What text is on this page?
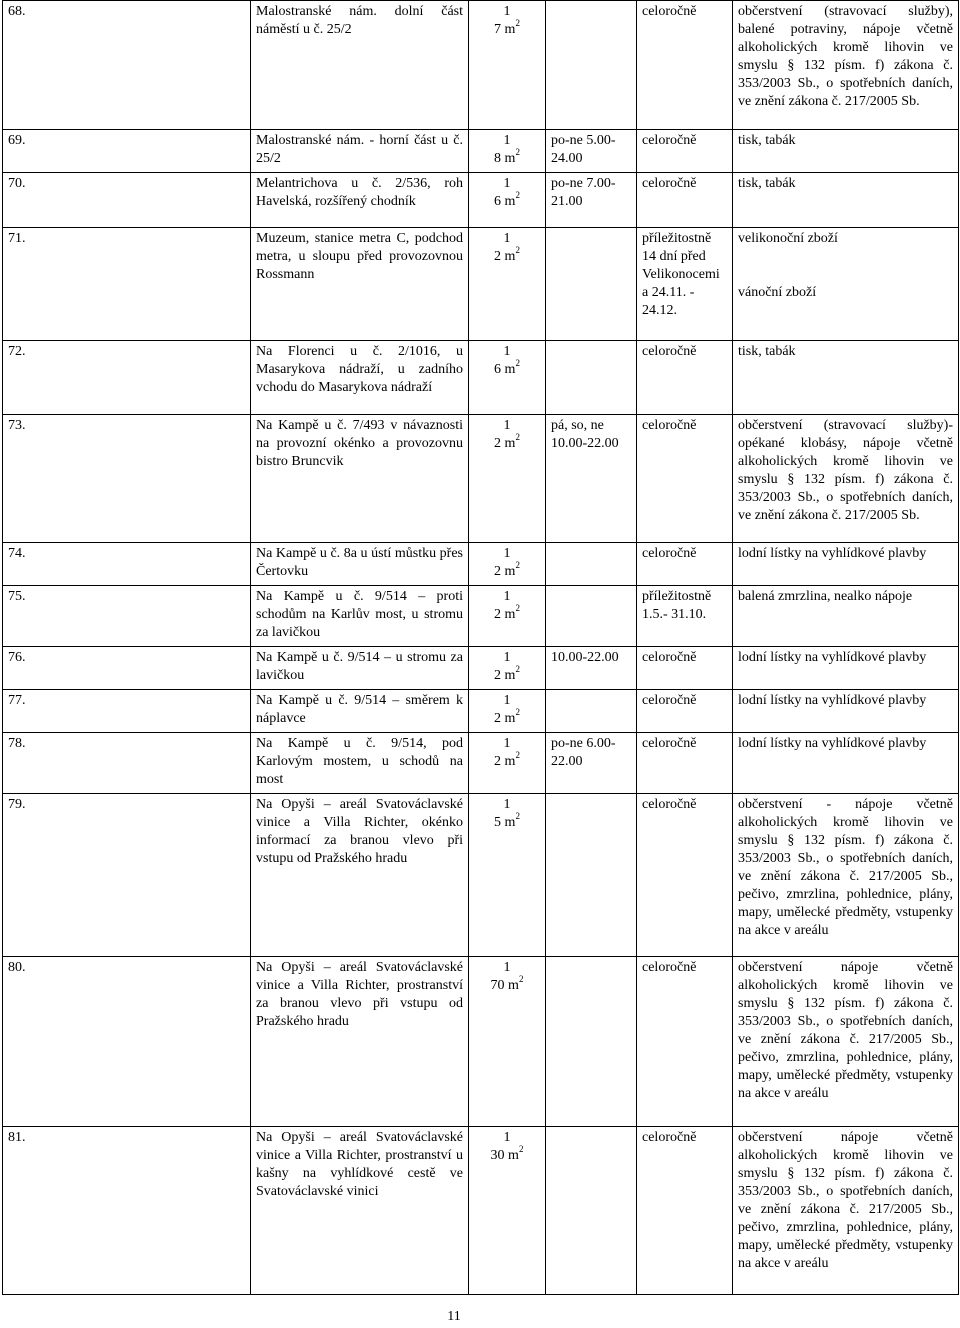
68.	Malostranské nám. dolní část náměstí u č. 25/2	1
7 $m^2$		celoročně	občerstvení (stravovací služby), balené potraviny, nápoje včetně alkoholických kromě lihovin ve smyslu § 132 písm. f) zákona č. 353/2003 Sb., o spotřebních daních, ve znění zákona č. 217/2005 Sb.

69.	Malostranské nám. - horní část u č. 25/2	1
8 $m^2$	po-ne 5.00-24.00	celoročně	tisk, tabák

70.	Melantrichova u č. 2/536, roh Havelská, rozšířený chodník	1
6 $m^2$	po-ne 7.00-21.00	celoročně	tisk, tabák

71.	Muzeum, stanice metra C, podchod metra, u sloupu před provozovnou Rossmann	1
2 $m^2$		příležitostně 14 dní před Velikonocemi
a 24.11. - 24.12.	velikonoční zboží
vánoční zboží

72.	Na Florenci u č. 2/1016, u Masarykova nádraží, u zadního vchodu do Masarykova nádraží	1
6 $m^2$		celoročně	tisk, tabák

73.	Na Kampě u č. 7/493 v návaznosti na provozní okénko a provozovnu bistro Bruncvik	1
2 $m^2$	pá, so, ne 10.00-22.00	celoročně	občerstvení (stravovací služby)- opékané klobásy, nápoje včetně alkoholických kromě lihovin ve smyslu § 132 písm. f) zákona č. 353/2003 Sb., o spotřebních daních, ve znění zákona č. 217/2005 Sb.

74.	Na Kampě u č. 8a u ústí můstku přes Čertovku	1
2 $m^2$		celoročně	lodní lístky na vyhlídkové plavby

75.	Na Kampě u č. 9/514 – proti schodům na Karlův most, u stromu za lavičkou	1
2 $m^2$		příležitostně 1.5.- 31.10.	balená zmrzlina, nealko nápoje

76.	Na Kampě u č. 9/514 – u stromu za lavičkou	1
2 $m^2$	10.00-22.00	celoročně	lodní lístky na vyhlídkové plavby

77.	Na Kampě u č. 9/514 – směrem k náplavce	1
2 $m^2$		celoročně	lodní lístky na vyhlídkové plavby

78.	Na Kampě u č. 9/514, pod Karlovým mostem, u schodů na most	1
2 $m^2$	po-ne 6.00-22.00	celoročně	lodní lístky na vyhlídkové plavby

79.	Na Opyši – areál Svatováclavské vinice a Villa Richter, okénko informací za branou vlevo při vstupu od Pražského hradu	1
5 $m^2$		celoročně	občerstvení - nápoje včetně alkoholických kromě lihovin ve smyslu § 132 písm. f) zákona č. 353/2003 Sb., o spotřebních daních, ve znění zákona č. 217/2005 Sb., pečivo, zmrzlina, pohlednice, plány, mapy, umělecké předměty, vstupenky na akce v areálu

80.	Na Opyši – areál Svatováclavské vinice a Villa Richter, prostranství za branou vlevo při vstupu od Pražského hradu	1
70 $m^2$		celoročně	občerstvení nápoje včetně alkoholických kromě lihovin ve smyslu § 132 písm. f) zákona č. 353/2003 Sb., o spotřebních daních, ve znění zákona č. 217/2005 Sb., pečivo, zmrzlina, pohlednice, plány, mapy, umělecké předměty, vstupenky na akce v areálu

81.	Na Opyši – areál Svatováclavské vinice a Villa Richter, prostranství u kašny na vyhlídkové cestě ve Svatováclavské vinici	1
30 $m^2$		celoročně	občerstvení nápoje včetně alkoholických kromě lihovin ve smyslu § 132 písm. f) zákona č. 353/2003 Sb., o spotřebních daních, ve znění zákona č. 217/2005 Sb., pečivo, zmrzlina, pohlednice, plány, mapy, umělecké předměty, vstupenky na akce v areálu
11
